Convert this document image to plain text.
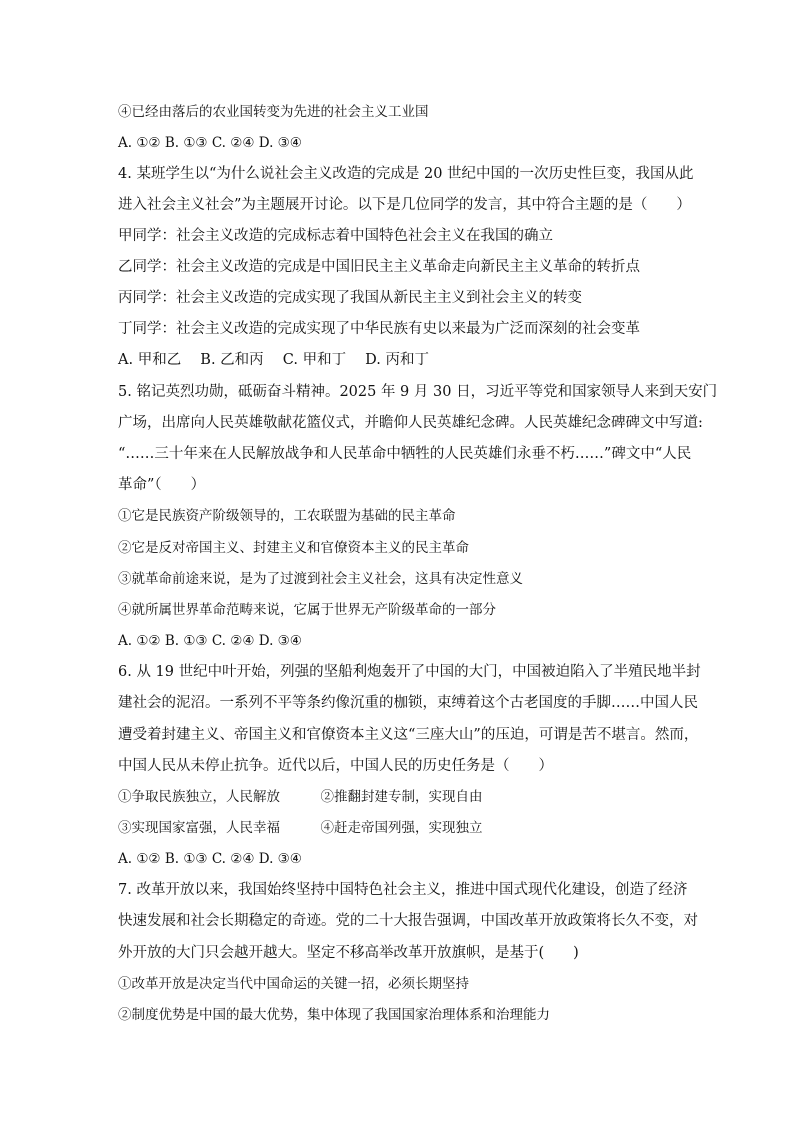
④已经由落后的农业国转变为先进的社会主义工业国
A. ①② B. ①③ C. ②④ D. ③④
4. 某班学生以“为什么说社会主义改造的完成是 20 世纪中国的一次历史性巨变，我国从此
进入社会主义社会”为主题展开讨论。以下是几位同学的发言，其中符合主题的是（　　）
甲同学：社会主义改造的完成标志着中国特色社会主义在我国的确立
乙同学：社会主义改造的完成是中国旧民主主义革命走向新民主主义革命的转折点
丙同学：社会主义改造的完成实现了我国从新民主主义到社会主义的转变
丁同学：社会主义改造的完成实现了中华民族有史以来最为广泛而深刻的社会变革
A. 甲和乙　 B. 乙和丙　 C. 甲和丁　 D. 丙和丁
5. 铭记英烈功勋，砥砺奋斗精神。2025 年 9 月 30 日，习近平等党和国家领导人来到天安门
广场，出席向人民英雄敬献花篮仪式，并瞻仰人民英雄纪念碑。人民英雄纪念碑碑文中写道:
“……三十年来在人民解放战争和人民革命中牺牲的人民英雄们永垂不朽……”碑文中“人民
革命”（　　）
①它是民族资产阶级领导的，工农联盟为基础的民主革命
②它是反对帝国主义、封建主义和官僚资本主义的民主革命
③就革命前途来说，是为了过渡到社会主义社会，这具有决定性意义
④就所属世界革命范畴来说，它属于世界无产阶级革命的一部分
A. ①② B. ①③ C. ②④ D. ③④
6. 从 19 世纪中叶开始，列强的坚船利炮轰开了中国的大门，中国被迫陷入了半殖民地半封
建社会的泥沼。一系列不平等条约像沉重的枷锁，束缚着这个古老国度的手脚……中国人民
遭受着封建主义、帝国主义和官僚资本主义这“三座大山”的压迫，可谓是苦不堪言。然而，
中国人民从未停止抗争。近代以后，中国人民的历史任务是（　　）
①争取民族独立，人民解放　　　②推翻封建专制，实现自由
③实现国家富强，人民幸福　　　④赶走帝国列强，实现独立
A. ①② B. ①③ C. ②④ D. ③④
7. 改革开放以来，我国始终坚持中国特色社会主义，推进中国式现代化建设，创造了经济
快速发展和社会长期稳定的奇迹。党的二十大报告强调，中国改革开放政策将长久不变，对
外开放的大门只会越开越大。坚定不移高举改革开放旗帜，是基于(　　)
①改革开放是决定当代中国命运的关键一招，必须长期坚持
②制度优势是中国的最大优势，集中体现了我国国家治理体系和治理能力
